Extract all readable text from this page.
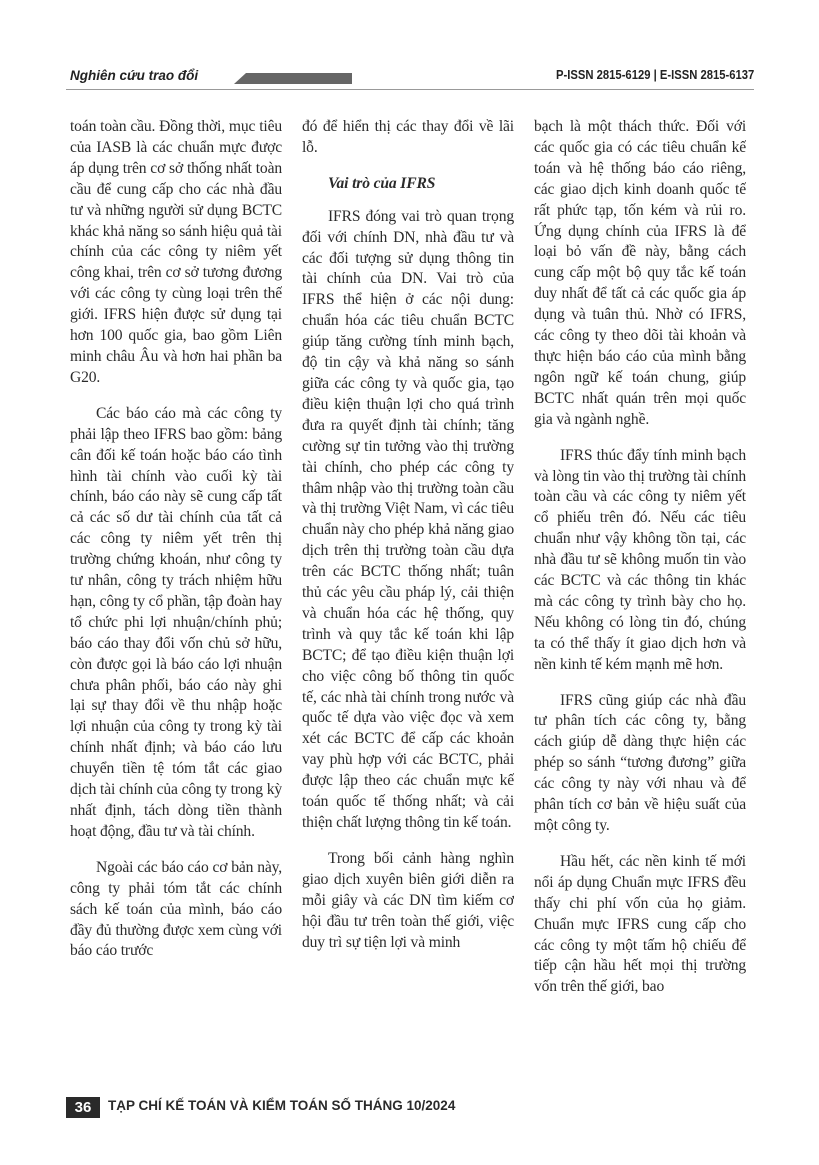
Nghiên cứu trao đổi	P-ISSN 2815-6129 | E-ISSN 2815-6137

toán toàn cầu. Đồng thời, mục tiêu của IASB là các chuẩn mực được áp dụng trên cơ sở thống nhất toàn cầu để cung cấp cho các nhà đầu tư và những người sử dụng BCTC khác khả năng so sánh hiệu quả tài chính của các công ty niêm yết công khai, trên cơ sở tương đương với các công ty cùng loại trên thế giới. IFRS hiện được sử dụng tại hơn 100 quốc gia, bao gồm Liên minh châu Âu và hơn hai phần ba G20.

Các báo cáo mà các công ty phải lập theo IFRS bao gồm: bảng cân đối kế toán hoặc báo cáo tình hình tài chính vào cuối kỳ tài chính, báo cáo này sẽ cung cấp tất cả các số dư tài chính của tất cả các công ty niêm yết trên thị trường chứng khoán, như công ty tư nhân, công ty trách nhiệm hữu hạn, công ty cổ phần, tập đoàn hay tổ chức phi lợi nhuận/chính phủ; báo cáo thay đổi vốn chủ sở hữu, còn được gọi là báo cáo lợi nhuận chưa phân phối, báo cáo này ghi lại sự thay đổi về thu nhập hoặc lợi nhuận của công ty trong kỳ tài chính nhất định; và báo cáo lưu chuyển tiền tệ tóm tắt các giao dịch tài chính của công ty trong kỳ nhất định, tách dòng tiền thành hoạt động, đầu tư và tài chính.

Ngoài các báo cáo cơ bản này, công ty phải tóm tắt các chính sách kế toán của mình, báo cáo đầy đủ thường được xem cùng với báo cáo trước

đó để hiển thị các thay đổi về lãi lỗ.

Vai trò của IFRS

IFRS đóng vai trò quan trọng đối với chính DN, nhà đầu tư và các đối tượng sử dụng thông tin tài chính của DN. Vai trò của IFRS thể hiện ở các nội dung: chuẩn hóa các tiêu chuẩn BCTC giúp tăng cường tính minh bạch, độ tin cậy và khả năng so sánh giữa các công ty và quốc gia, tạo điều kiện thuận lợi cho quá trình đưa ra quyết định tài chính; tăng cường sự tin tưởng vào thị trường tài chính, cho phép các công ty thâm nhập vào thị trường toàn cầu và thị trường Việt Nam, vì các tiêu chuẩn này cho phép khả năng giao dịch trên thị trường toàn cầu dựa trên các BCTC thống nhất; tuân thủ các yêu cầu pháp lý, cải thiện và chuẩn hóa các hệ thống, quy trình và quy tắc kế toán khi lập BCTC; để tạo điều kiện thuận lợi cho việc công bố thông tin quốc tế, các nhà tài chính trong nước và quốc tế dựa vào việc đọc và xem xét các BCTC để cấp các khoản vay phù hợp với các BCTC, phải được lập theo các chuẩn mực kế toán quốc tế thống nhất; và cải thiện chất lượng thông tin kế toán.

Trong bối cảnh hàng nghìn giao dịch xuyên biên giới diễn ra mỗi giây và các DN tìm kiếm cơ hội đầu tư trên toàn thế giới, việc duy trì sự tiện lợi và minh

bạch là một thách thức. Đối với các quốc gia có các tiêu chuẩn kế toán và hệ thống báo cáo riêng, các giao dịch kinh doanh quốc tế rất phức tạp, tốn kém và rủi ro. Ứng dụng chính của IFRS là để loại bỏ vấn đề này, bằng cách cung cấp một bộ quy tắc kế toán duy nhất để tất cả các quốc gia áp dụng và tuân thủ. Nhờ có IFRS, các công ty theo dõi tài khoản và thực hiện báo cáo của mình bằng ngôn ngữ kế toán chung, giúp BCTC nhất quán trên mọi quốc gia và ngành nghề.

IFRS thúc đẩy tính minh bạch và lòng tin vào thị trường tài chính toàn cầu và các công ty niêm yết cổ phiếu trên đó. Nếu các tiêu chuẩn như vậy không tồn tại, các nhà đầu tư sẽ không muốn tin vào các BCTC và các thông tin khác mà các công ty trình bày cho họ. Nếu không có lòng tin đó, chúng ta có thể thấy ít giao dịch hơn và nền kinh tế kém mạnh mẽ hơn.

IFRS cũng giúp các nhà đầu tư phân tích các công ty, bằng cách giúp dễ dàng thực hiện các phép so sánh “tương đương” giữa các công ty này với nhau và để phân tích cơ bản về hiệu suất của một công ty.

Hầu hết, các nền kinh tế mới nổi áp dụng Chuẩn mực IFRS đều thấy chi phí vốn của họ giảm. Chuẩn mực IFRS cung cấp cho các công ty một tấm hộ chiếu để tiếp cận hầu hết mọi thị trường vốn trên thế giới, bao

36	TẠP CHÍ KẾ TOÁN VÀ KIỂM TOÁN SỐ THÁNG 10/2024
